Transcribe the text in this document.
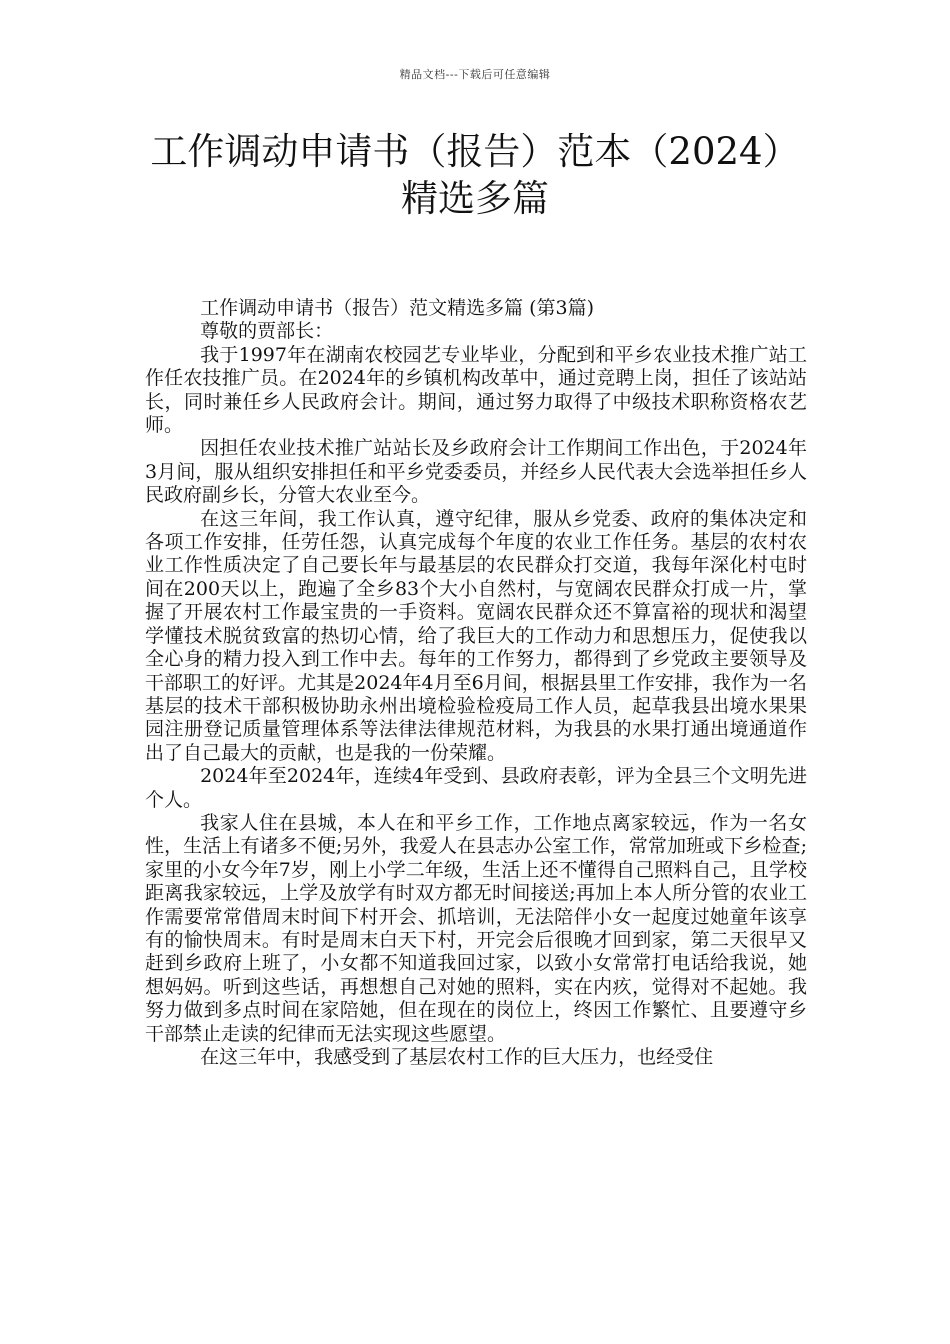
精品文档---下载后可任意编辑
工作调动申请书（报告）范本（2024）精选多篇

工作调动申请书（报告）范文精选多篇 (第3篇)

尊敬的贾部长：

我于1997年在湖南农校园艺专业毕业，分配到和平乡农业技术推广站工作任农技推广员。在2024年的乡镇机构改革中，通过竞聘上岗，担任了该站站长，同时兼任乡人民政府会计。期间，通过努力取得了中级技术职称资格农艺师。

因担任农业技术推广站站长及乡政府会计工作期间工作出色，于2024年3月间，服从组织安排担任和平乡党委委员，并经乡人民代表大会选举担任乡人民政府副乡长，分管大农业至今。

在这三年间，我工作认真，遵守纪律，服从乡党委、政府的集体决定和各项工作安排，任劳任怨，认真完成每个年度的农业工作任务。基层的农村农业工作性质决定了自己要长年与最基层的农民群众打交道，我每年深化村屯时间在200天以上，跑遍了全乡83个大小自然村，与宽阔农民群众打成一片，掌握了开展农村工作最宝贵的一手资料。宽阔农民群众还不算富裕的现状和渴望学懂技术脱贫致富的热切心情，给了我巨大的工作动力和思想压力，促使我以全心身的精力投入到工作中去。每年的工作努力，都得到了乡党政主要领导及干部职工的好评。尤其是2024年4月至6月间，根据县里工作安排，我作为一名基层的技术干部积极协助永州出境检验检疫局工作人员，起草我县出境水果果园注册登记质量管理体系等法律法律规范材料，为我县的水果打通出境通道作出了自己最大的贡献，也是我的一份荣耀。

2024年至2024年，连续4年受到、县政府表彰，评为全县三个文明先进个人。

我家人住在县城，本人在和平乡工作，工作地点离家较远，作为一名女性，生活上有诸多不便;另外，我爱人在县志办公室工作，常常加班或下乡检查;家里的小女今年7岁，刚上小学二年级，生活上还不懂得自己照料自己，且学校距离我家较远，上学及放学有时双方都无时间接送;再加上本人所分管的农业工作需要常常借周末时间下村开会、抓培训，无法陪伴小女一起度过她童年该享有的愉快周末。有时是周末白天下村，开完会后很晚才回到家，第二天很早又赶到乡政府上班了，小女都不知道我回过家，以致小女常常打电话给我说，她想妈妈。听到这些话，再想想自己对她的照料，实在内疚，觉得对不起她。我努力做到多点时间在家陪她，但在现在的岗位上，终因工作繁忙、且要遵守乡干部禁止走读的纪律而无法实现这些愿望。

在这三年中，我感受到了基层农村工作的巨大压力，也经受住
